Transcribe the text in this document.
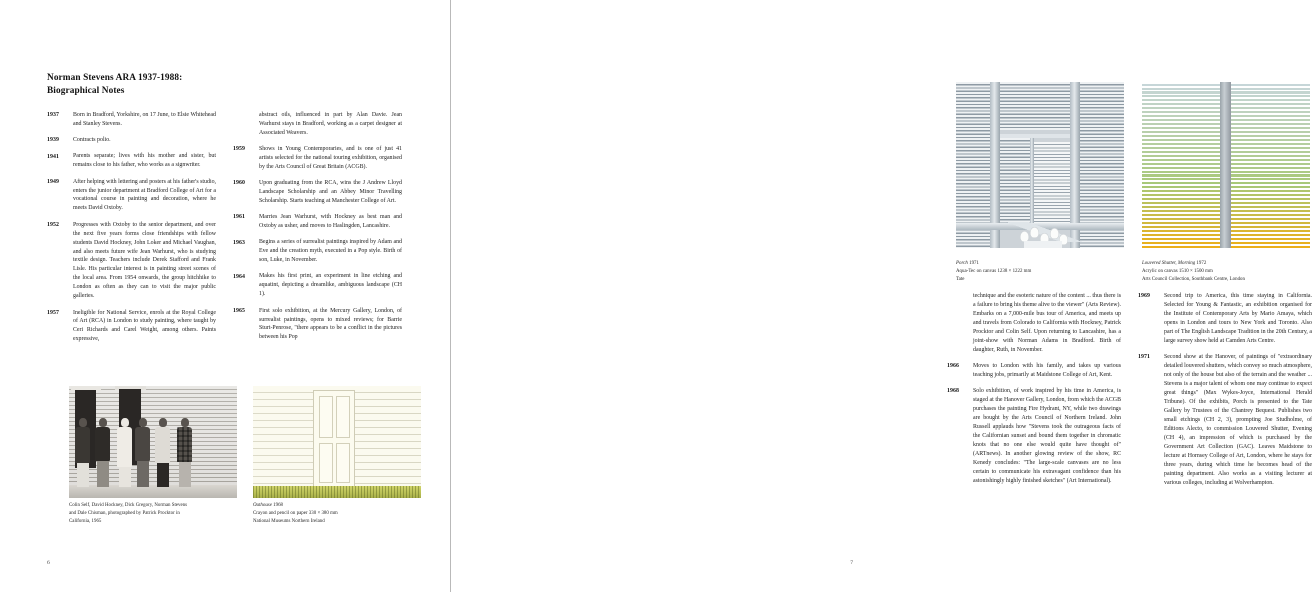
Norman Stevens ARA 1937-1988:
Biographical Notes
1937	Born in Bradford, Yorkshire, on 17 June, to Elsie Whitehead and Stanley Stevens.
1939	Contracts polio.
1941	Parents separate; lives with his mother and sister, but remains close to his father, who works as a signwriter.
1949	After helping with lettering and posters at his father's studio, enters the junior department at Bradford College of Art for a vocational course in painting and decoration, where he meets David Oxtoby.
1952	Progresses with Oxtoby to the senior department, and over the next five years forms close friendships with fellow students David Hockney, John Loker and Michael Vaughan, and also meets future wife Jean Warhurst, who is studying textile design. Teachers include Derek Stafford and Frank Lisle. His particular interest is in painting street scenes of the local area. From 1954 onwards, the group hitchhike to London as often as they can to visit the major public galleries.
1957	Ineligible for National Service, enrols at the Royal College of Art (RCA) in London to study painting, where taught by Ceri Richards and Carel Weight, among others. Paints expressive,
abstract oils, influenced in part by Alan Davie. Jean Warhurst stays in Bradford, working as a carpet designer at Associated Weavers.
1959	Shows in Young Contemporaries, and is one of just 41 artists selected for the national touring exhibition, organised by the Arts Council of Great Britain (ACGB).
1960	Upon graduating from the RCA, wins the J Andrew Lloyd Landscape Scholarship and an Abbey Minor Travelling Scholarship. Starts teaching at Manchester College of Art.
1961	Marries Jean Warhurst, with Hockney as best man and Oxtoby as usher, and moves to Haslingden, Lancashire.
1963	Begins a series of surrealist paintings inspired by Adam and Eve and the creation myth, executed in a Pop style. Birth of son, Luke, in November.
1964	Makes his first print, an experiment in line etching and aquatint, depicting a dreamlike, ambiguous landscape (CH 1).
1965	First solo exhibition, at the Mercury Gallery, London, of surrealist paintings, opens to mixed reviews; for Barrie Sturt-Penrose, "there appears to be a conflict in the pictures between his Pop
Colin Self, David Hockney, Dick Gregory, Norman Stevens
and Dale Chisman, photographed by Patrick Procktor in
California, 1965
Outhouse 1968
Crayon and pencil on paper 330 × 380 mm
National Museums Northern Ireland
6
Porch 1971
Aqua-Tec on canvas 1238 × 1222 mm
Tate
Louvered Shutter, Morning 1972
Acrylic on canvas 1510 × 1500 mm
Arts Council Collection, Southbank Centre, London
technique and the esoteric nature of the content ... thus there is a failure to bring his theme alive to the viewer" (Arts Review). Embarks on a 7,000-mile bus tour of America, and meets up and travels from Colorado to California with Hockney, Patrick Procktor and Colin Self. Upon returning to Lancashire, has a joint-show with Norman Adams in Bradford. Birth of daughter, Ruth, in November.
1966	Moves to London with his family, and takes up various teaching jobs, primarily at Maidstone College of Art, Kent.
1968	Solo exhibition, of work inspired by his time in America, is staged at the Hanover Gallery, London, from which the ACGB purchases the painting Fire Hydrant, NY, while two drawings are bought by the Arts Council of Northern Ireland. John Russell applauds how "Stevens took the outrageous facts of the Californian sunset and bound them together in chromatic knots that no one else would quite have thought of" (ARTnews). In another glowing review of the show, RC Kenedy concludes: "The large-scale canvases are no less certain to communicate his extravagant confidence than his astonishingly highly finished sketches" (Art International).
1969	Second trip to America, this time staying in California. Selected for Young & Fantastic, an exhibition organised for the Institute of Contemporary Arts by Mario Amaya, which opens in London and tours to New York and Toronto. Also part of The English Landscape Tradition in the 20th Century, a large survey show held at Camden Arts Centre.
1971	Second show at the Hanover, of paintings of "extraordinary detailed louvered shutters, which convey so much atmosphere, not only of the house but also of the terrain and the weather ... Stevens is a major talent of whom one may continue to expect great things" (Max Wykes-Joyce, International Herald Tribune). Of the exhibits, Porch is presented to the Tate Gallery by Trustees of the Chantrey Bequest. Publishes two small etchings (CH 2, 3), prompting Joe Studholme, of Editions Alecto, to commission Louvered Shutter, Evening (CH 4), an impression of which is purchased by the Government Art Collection (GAC). Leaves Maidstone to lecture at Hornsey College of Art, London, where he stays for three years, during which time he becomes head of the painting department. Also works as a visiting lecturer at various colleges, including at Wolverhampton.
7
